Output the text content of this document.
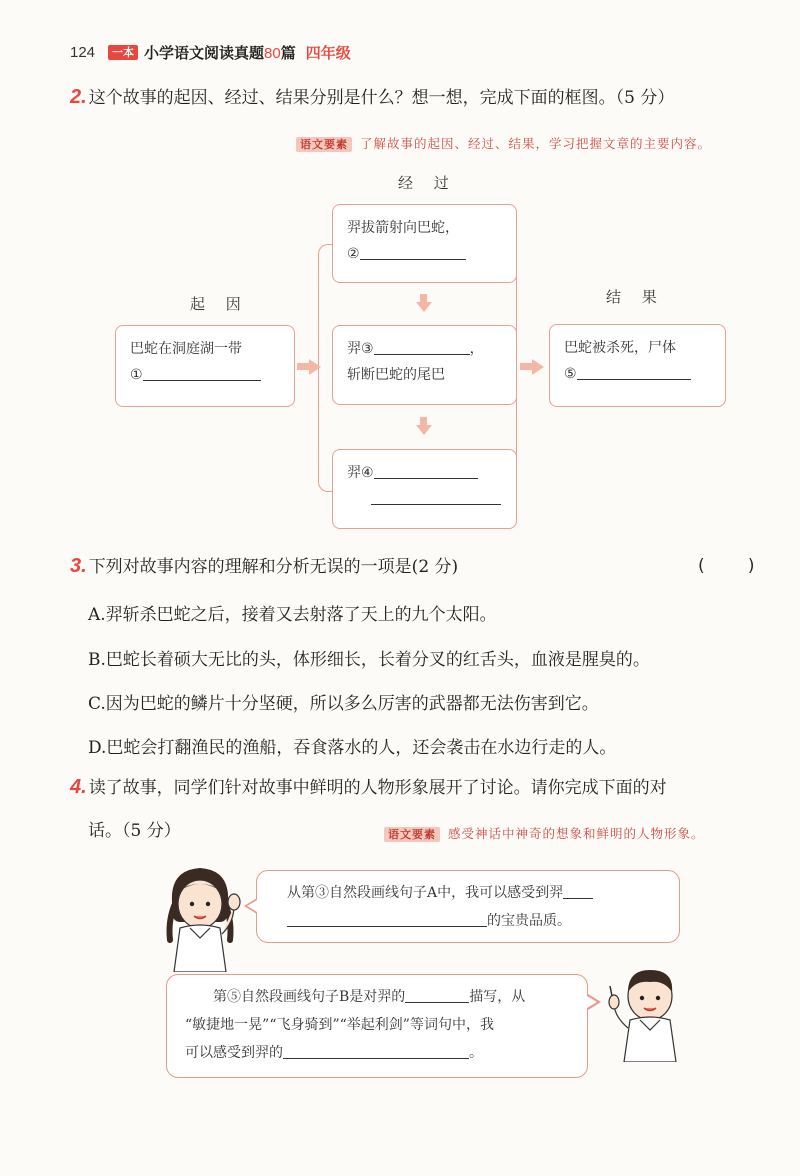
124	一本 小学语文阅读真题80篇 四年级
2. 这个故事的起因、经过、结果分别是什么？想一想，完成下面的框图。（5 分）
语文要素 了解故事的起因、经过、结果，学习把握文章的主要内容。
经 过
起 因	结 果
巴蛇在洞庭湖一带
①
羿拔箭射向巴蛇，
②
羿③	，
斩断巴蛇的尾巴
羿④
巴蛇被杀死，尸体
⑤
3. 下列对故事内容的理解和分析无误的一项是(2 分)	(        )
A.羿斩杀巴蛇之后，接着又去射落了天上的九个太阳。
B.巴蛇长着硕大无比的头，体形细长，长着分叉的红舌头，血液是腥臭的。
C.因为巴蛇的鳞片十分坚硬，所以多么厉害的武器都无法伤害到它。
D.巴蛇会打翻渔民的渔船，吞食落水的人，还会袭击在水边行走的人。
4. 读了故事，同学们针对故事中鲜明的人物形象展开了讨论。请你完成下面的对
话。（5 分）	语文要素 感受神话中神奇的想象和鲜明的人物形象。
从第③自然段画线句子A中，我可以感受到羿
的宝贵品质。
第⑤自然段画线句子B是对羿的	描写，从
“敏捷地一晃”“飞身骑到”“举起利剑”等词句中，我
可以感受到羿的	。
